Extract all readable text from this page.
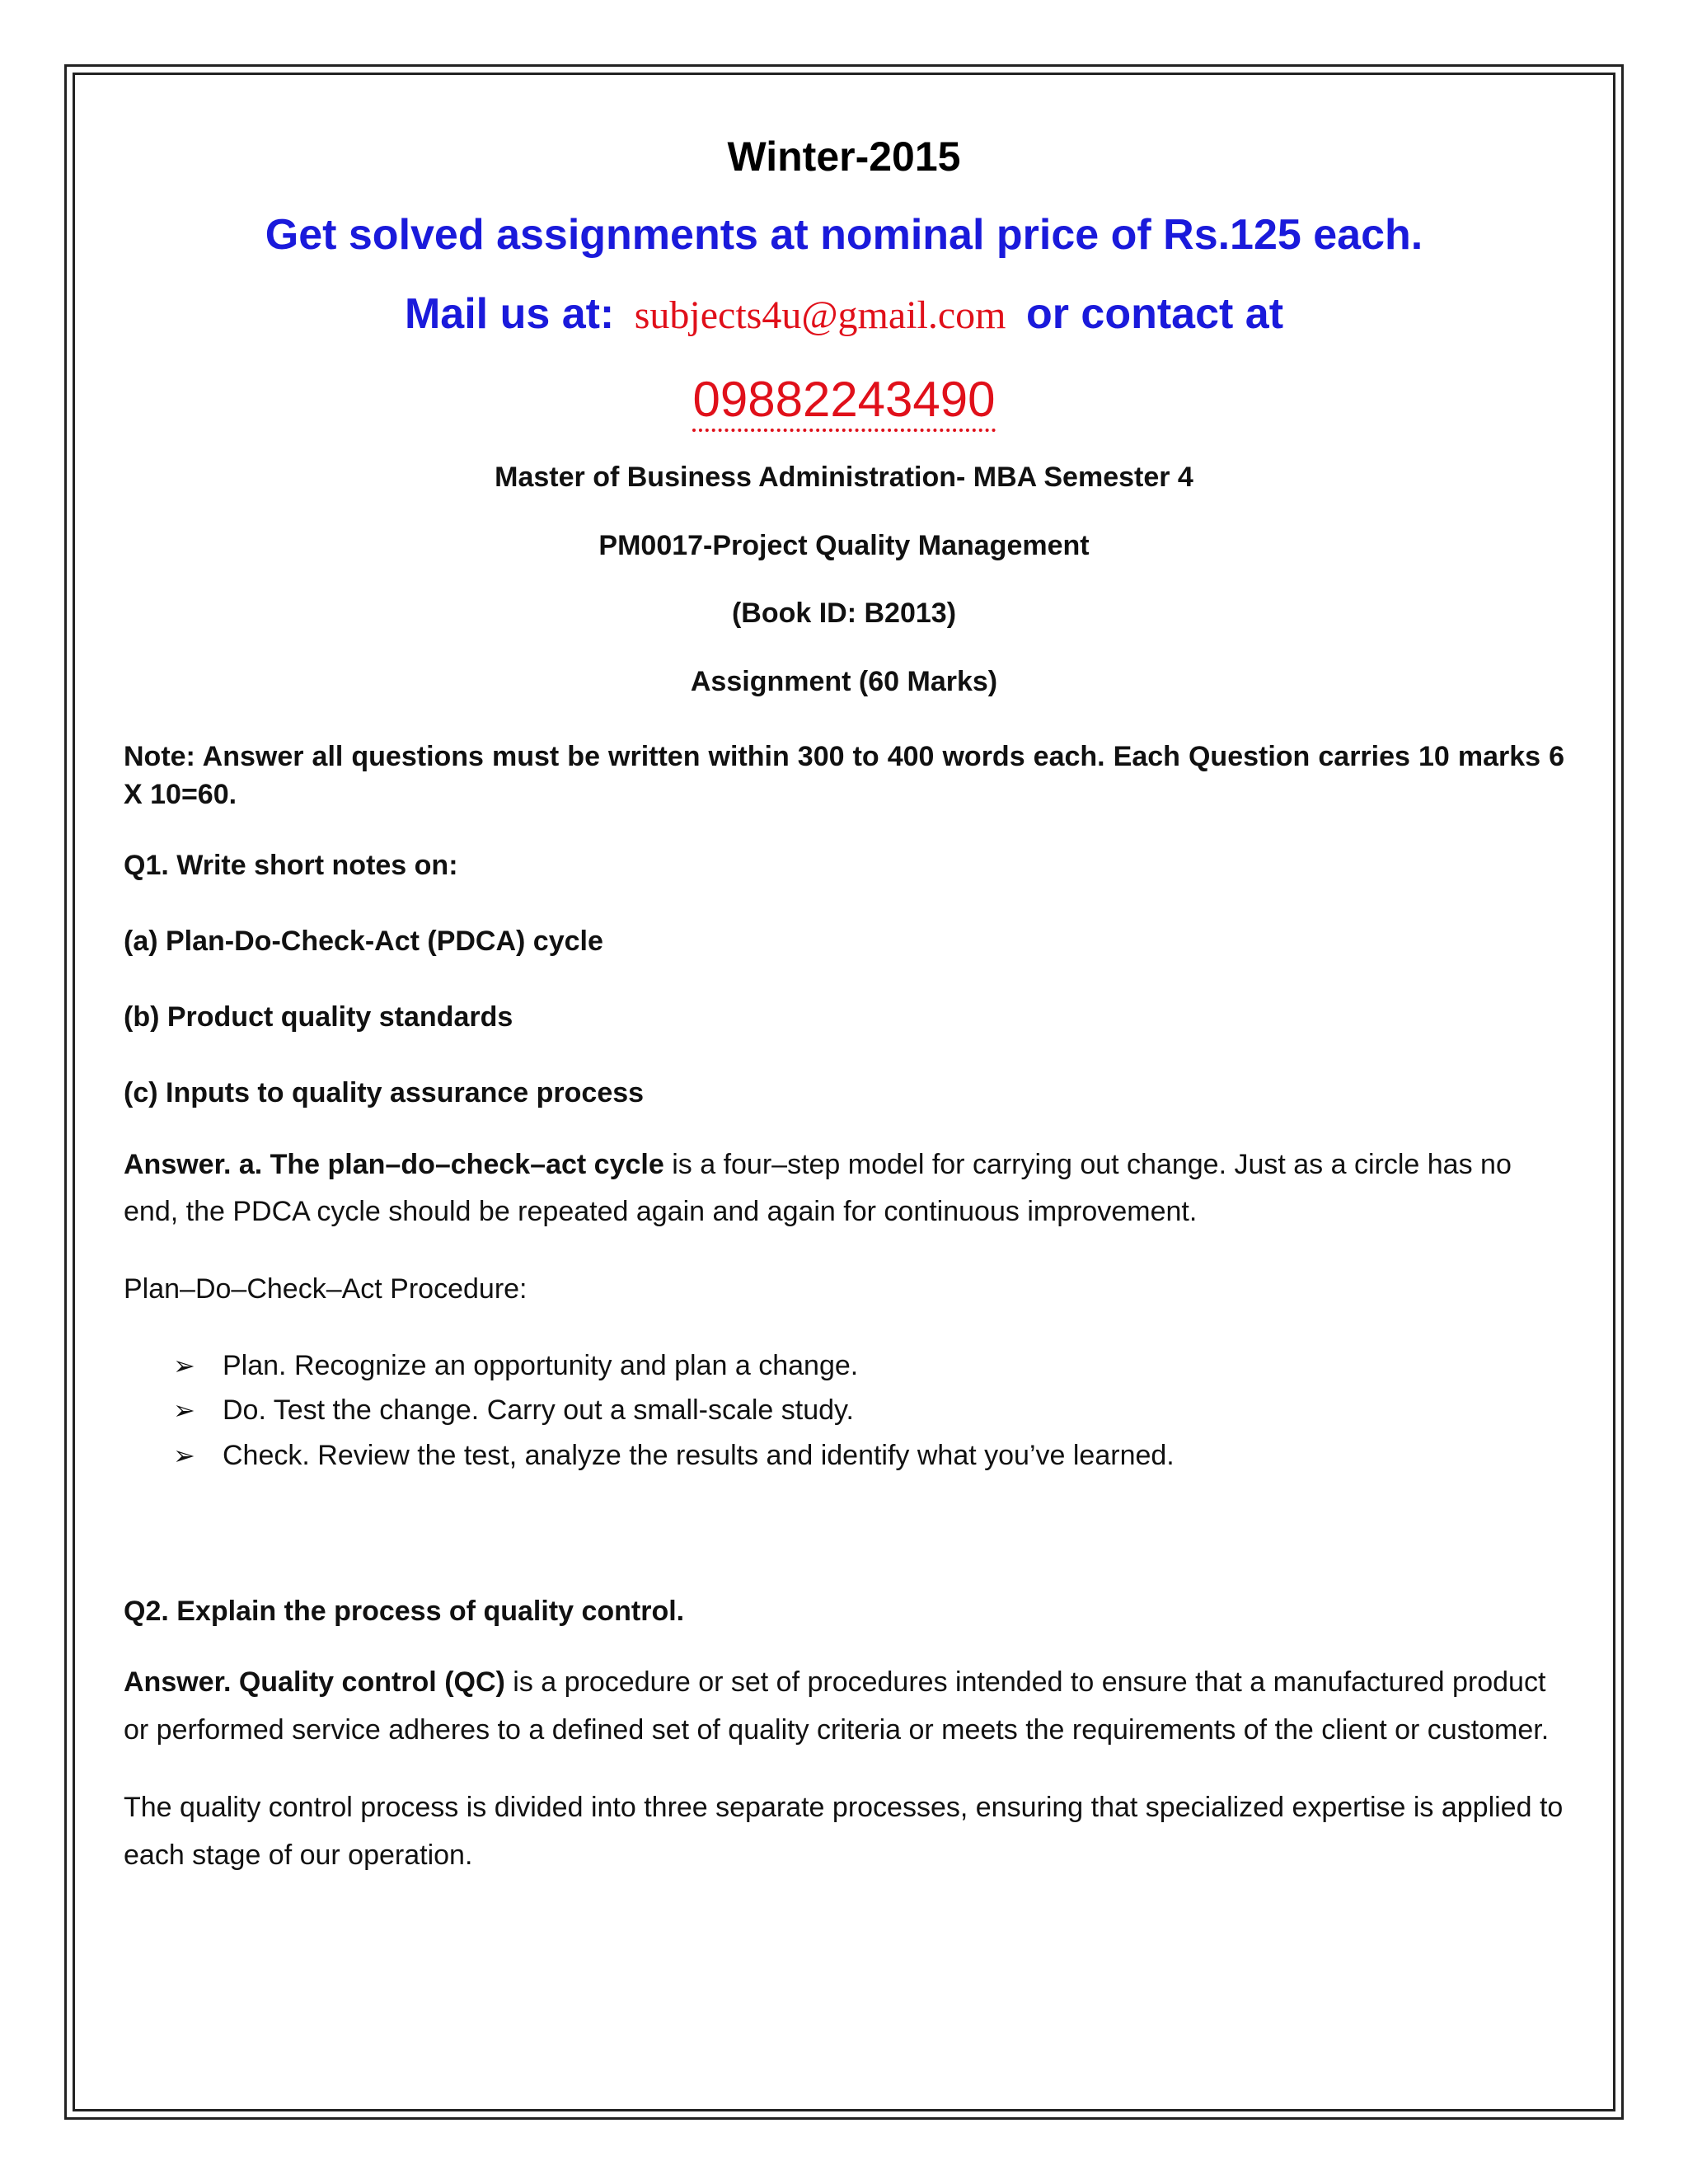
Winter-2015
Get solved assignments at nominal price of Rs.125 each.
Mail us at: subjects4u@gmail.com or contact at
09882243490
Master of Business Administration- MBA Semester 4
PM0017-Project Quality Management
(Book ID: B2013)
Assignment (60 Marks)
Note: Answer all questions must be written within 300 to 400 words each. Each Question carries 10 marks 6 X 10=60.
Q1. Write short notes on:
(a) Plan-Do-Check-Act (PDCA) cycle
(b) Product quality standards
(c) Inputs to quality assurance process

Answer. a. The plan–do–check–act cycle is a four–step model for carrying out change. Just as a circle has no end, the PDCA cycle should be repeated again and again for continuous improvement.

Plan–Do–Check–Act Procedure:

➢ Plan. Recognize an opportunity and plan a change.
➢ Do. Test the change. Carry out a small-scale study.
➢ Check. Review the test, analyze the results and identify what you’ve learned.
Q2. Explain the process of quality control.

Answer. Quality control (QC) is a procedure or set of procedures intended to ensure that a manufactured product or performed service adheres to a defined set of quality criteria or meets the requirements of the client or customer.

The quality control process is divided into three separate processes, ensuring that specialized expertise is applied to each stage of our operation.
